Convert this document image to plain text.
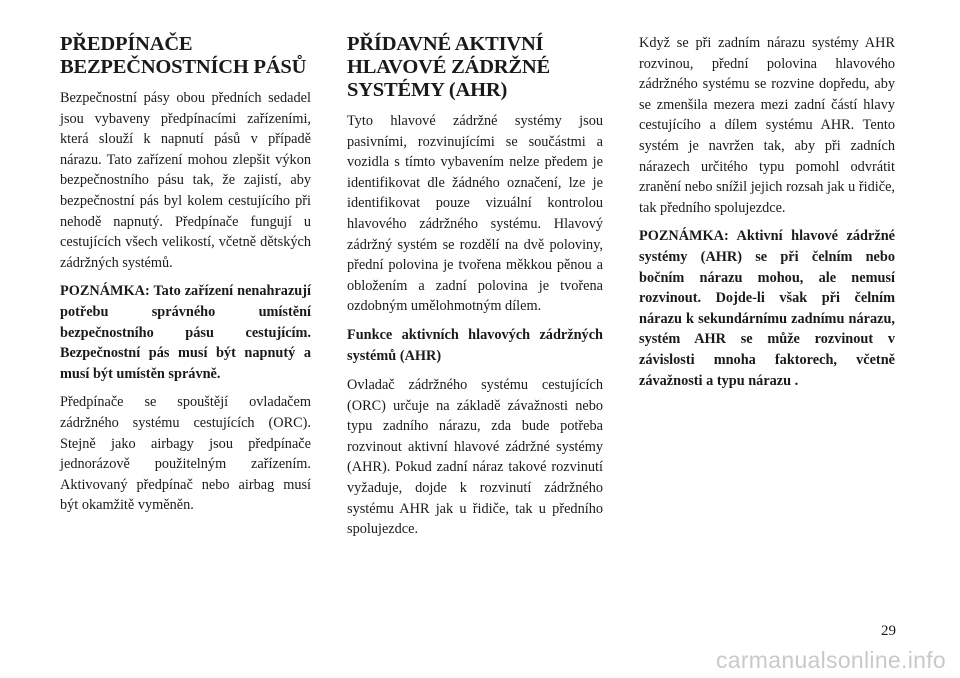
PŘEDPÍNAČE BEZPEČNOSTNÍCH PÁSŮ

Bezpečnostní pásy obou předních sedadel jsou vybaveny předpínacími zařízeními, která slouží k napnutí pásů v případě nárazu. Tato zařízení mohou zlepšit výkon bezpečnostního pásu tak, že zajistí, aby bezpečnostní pás byl kolem cestujícího při nehodě napnutý. Předpínače fungují u cestujících všech velikostí, včetně dětských zádržných systémů.

POZNÁMKA: Tato zařízení nenahrazují potřebu správného umístění bezpečnostního pásu cestujícím. Bezpečnostní pás musí být napnutý a musí být umístěn správně.

Předpínače se spouštějí ovladačem zádržného systému cestujících (ORC). Stejně jako airbagy jsou předpínače jednorázově použitelným zařízením. Aktivovaný předpínač nebo airbag musí být okamžitě vyměněn.

PŘÍDAVNÉ AKTIVNÍ HLAVOVÉ ZÁDRŽNÉ SYSTÉMY (AHR)

Tyto hlavové zádržné systémy jsou pasivními, rozvinujícími se součástmi a vozidla s tímto vybavením nelze předem je identifikovat dle žádného označení, lze je identifikovat pouze vizuální kontrolou hlavového zádržného systému. Hlavový zádržný systém se rozdělí na dvě poloviny, přední polovina je tvořena měkkou pěnou a obložením a zadní polovina je tvořena ozdobným umělohmotným dílem.

Funkce aktivních hlavových zádržných systémů (AHR)

Ovladač zádržného systému cestujících (ORC) určuje na základě závažnosti nebo typu zadního nárazu, zda bude potřeba rozvinout aktivní hlavové zádržné systémy (AHR). Pokud zadní náraz takové rozvinutí vyžaduje, dojde k rozvinutí zádržného systému AHR jak u řidiče, tak u předního spolujezdce.

Když se při zadním nárazu systémy AHR rozvinou, přední polovina hlavového zádržného systému se rozvine dopředu, aby se zmenšila mezera mezi zadní částí hlavy cestujícího a dílem systému AHR. Tento systém je navržen tak, aby při zadních nárazech určitého typu pomohl odvrátit zranění nebo snížil jejich rozsah jak u řidiče, tak předního spolujezdce.

POZNÁMKA: Aktivní hlavové zádržné systémy (AHR) se při čelním nebo bočním nárazu mohou, ale nemusí rozvinout. Dojde-li však při čelním nárazu k sekundárnímu zadnímu nárazu, systém AHR se může rozvinout v závislosti mnoha faktorech, včetně závažnosti a typu nárazu .

29
carmanualsonline.info
